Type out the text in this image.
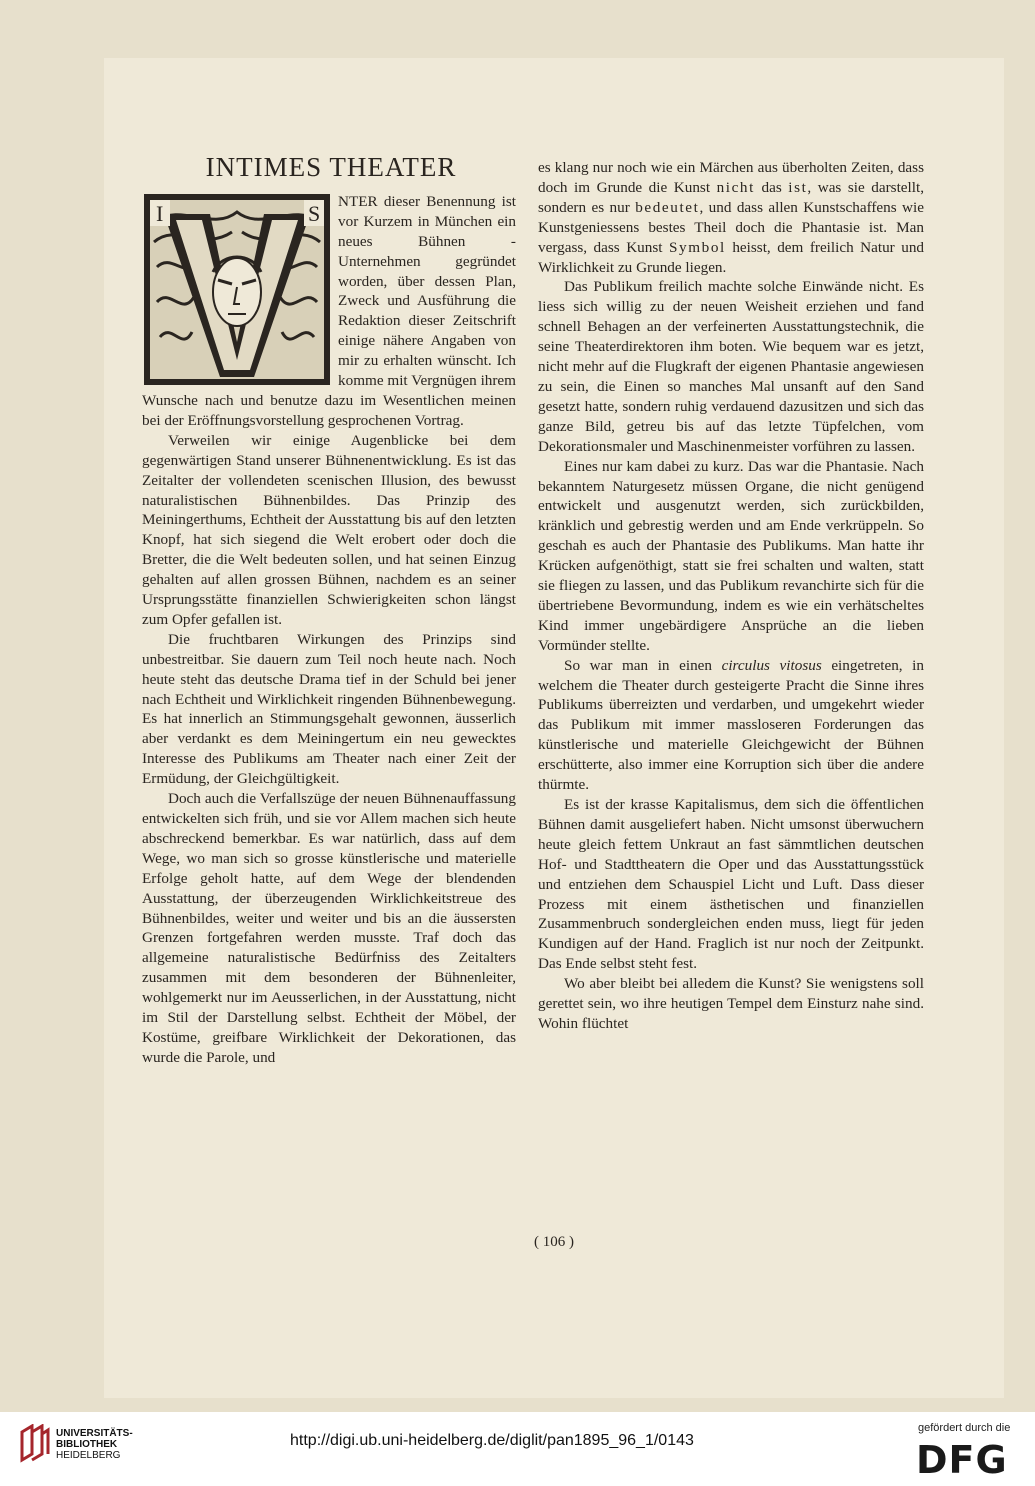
INTIMES THEATER
I	S	NTER dieser Benennung ist vor Kurzem in München ein neues Bühnen - Unternehmen gegründet worden, über dessen Plan, Zweck und Ausführung die Redaktion dieser Zeitschrift einige nähere Angaben von mir zu erhalten wünscht. Ich komme mit Vergnügen ihrem Wunsche nach und benutze dazu im Wesentlichen meinen bei der Eröffnungsvorstellung gesprochenen Vortrag.

Verweilen wir einige Augenblicke bei dem gegenwärtigen Stand unserer Bühnenentwicklung. Es ist das Zeitalter der vollendeten scenischen Illusion, des bewusst naturalistischen Bühnenbildes. Das Prinzip des Meiningerthums, Echtheit der Ausstattung bis auf den letzten Knopf, hat sich siegend die Welt erobert oder doch die Bretter, die die Welt bedeuten sollen, und hat seinen Einzug gehalten auf allen grossen Bühnen, nachdem es an seiner Ursprungsstätte finanziellen Schwierigkeiten schon längst zum Opfer gefallen ist.

Die fruchtbaren Wirkungen des Prinzips sind unbestreitbar. Sie dauern zum Teil noch heute nach. Noch heute steht das deutsche Drama tief in der Schuld bei jener nach Echtheit und Wirklichkeit ringenden Bühnenbewegung. Es hat innerlich an Stimmungsgehalt gewonnen, äusserlich aber verdankt es dem Meiningertum ein neu gewecktes Interesse des Publikums am Theater nach einer Zeit der Ermüdung, der Gleichgültigkeit.

Doch auch die Verfallszüge der neuen Bühnenauffassung entwickelten sich früh, und sie vor Allem machen sich heute abschreckend bemerkbar. Es war natürlich, dass auf dem Wege, wo man sich so grosse künstlerische und materielle Erfolge geholt hatte, auf dem Wege der blendenden Ausstattung, der überzeugenden Wirklichkeitstreue des Bühnenbildes, weiter und weiter und bis an die äussersten Grenzen fortgefahren werden musste. Traf doch das allgemeine naturalistische Bedürfniss des Zeitalters zusammen mit dem besonderen der Bühnenleiter, wohlgemerkt nur im Aeusserlichen, in der Ausstattung, nicht im Stil der Darstellung selbst. Echtheit der Möbel, der Kostüme, greifbare Wirklichkeit der Dekorationen, das wurde die Parole, und

es klang nur noch wie ein Märchen aus überholten Zeiten, dass doch im Grunde die Kunst nicht das ist, was sie darstellt, sondern es nur bedeutet, und dass allen Kunstschaffens wie Kunstgeniessens bestes Theil doch die Phantasie ist. Man vergass, dass Kunst Symbol heisst, dem freilich Natur und Wirklichkeit zu Grunde liegen.

Das Publikum freilich machte solche Einwände nicht. Es liess sich willig zu der neuen Weisheit erziehen und fand schnell Behagen an der verfeinerten Ausstattungstechnik, die seine Theaterdirektoren ihm boten. Wie bequem war es jetzt, nicht mehr auf die Flugkraft der eigenen Phantasie angewiesen zu sein, die Einen so manches Mal unsanft auf den Sand gesetzt hatte, sondern ruhig verdauend dazusitzen und sich das ganze Bild, getreu bis auf das letzte Tüpfelchen, vom Dekorationsmaler und Maschinenmeister vorführen zu lassen.

Eines nur kam dabei zu kurz. Das war die Phantasie. Nach bekanntem Naturgesetz müssen Organe, die nicht genügend entwickelt und ausgenutzt werden, sich zurückbilden, kränklich und gebrestig werden und am Ende verkrüppeln. So geschah es auch der Phantasie des Publikums. Man hatte ihr Krücken aufgenöthigt, statt sie frei schalten und walten, statt sie fliegen zu lassen, und das Publikum revanchirte sich für die übertriebene Bevormundung, indem es wie ein verhätscheltes Kind immer ungebärdigere Ansprüche an die lieben Vormünder stellte.

So war man in einen circulus vitosus eingetreten, in welchem die Theater durch gesteigerte Pracht die Sinne ihres Publikums überreizten und verdarben, und umgekehrt wieder das Publikum mit immer massloseren Forderungen das künstlerische und materielle Gleichgewicht der Bühnen erschütterte, also immer eine Korruption sich über die andere thürmte.

Es ist der krasse Kapitalismus, dem sich die öffentlichen Bühnen damit ausgeliefert haben. Nicht umsonst überwuchern heute gleich fettem Unkraut an fast sämmtlichen deutschen Hof- und Stadttheatern die Oper und das Ausstattungsstück und entziehen dem Schauspiel Licht und Luft. Dass dieser Prozess mit einem ästhetischen und finanziellen Zusammenbruch sondergleichen enden muss, liegt für jeden Kundigen auf der Hand. Fraglich ist nur noch der Zeitpunkt. Das Ende selbst steht fest.

Wo aber bleibt bei alledem die Kunst? Sie wenigstens soll gerettet sein, wo ihre heutigen Tempel dem Einsturz nahe sind. Wohin flüchtet

( 106 )
UNIVERSITÄTS-
BIBLIOTHEK
HEIDELBERG
http://digi.ub.uni-heidelberg.de/diglit/pan1895_96_1/0143
gefördert durch die
DFG
